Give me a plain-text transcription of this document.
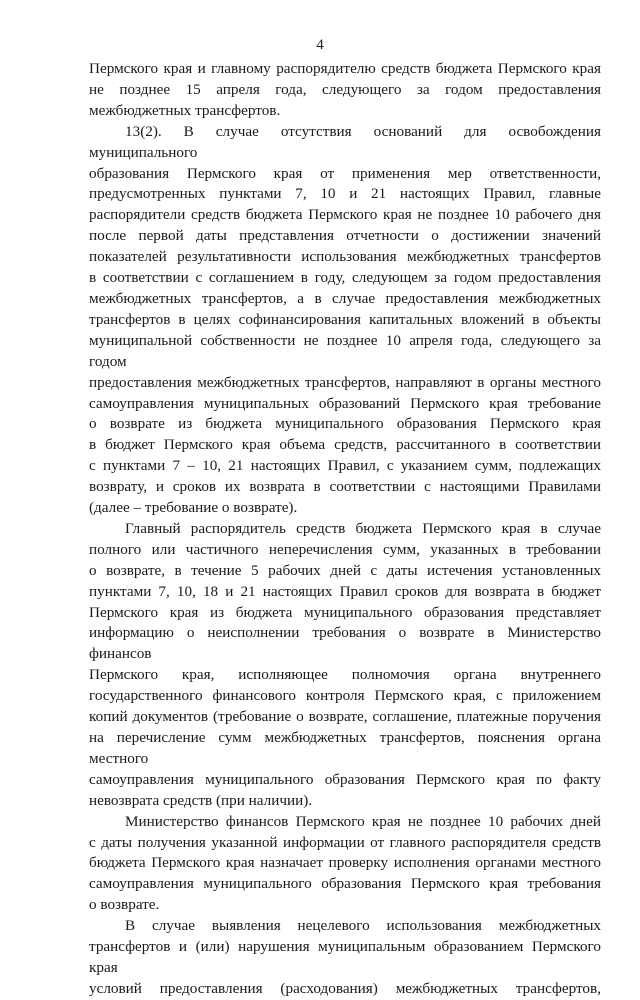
4
Пермского края и главному распорядителю средств бюджета Пермского края
не позднее 15 апреля года, следующего за годом предоставления
межбюджетных трансфертов.
13(2). В случае отсутствия оснований для освобождения муниципального
образования Пермского края от применения мер ответственности,
предусмотренных пунктами 7, 10 и 21 настоящих Правил, главные
распорядители средств бюджета Пермского края не позднее 10 рабочего дня
после первой даты представления отчетности о достижении значений
показателей результативности использования межбюджетных трансфертов
в соответствии с соглашением в году, следующем за годом предоставления
межбюджетных трансфертов, а в случае предоставления межбюджетных
трансфертов в целях софинансирования капитальных вложений в объекты
муниципальной собственности не позднее 10 апреля года, следующего за годом
предоставления межбюджетных трансфертов, направляют в органы местного
самоуправления муниципальных образований Пермского края требование
о возврате из бюджета муниципального образования Пермского края
в бюджет Пермского края объема средств, рассчитанного в соответствии
с пунктами 7 – 10, 21 настоящих Правил, с указанием сумм, подлежащих
возврату, и сроков их возврата в соответствии с настоящими Правилами
(далее – требование о возврате).
Главный распорядитель средств бюджета Пермского края в случае
полного или частичного неперечисления сумм, указанных в требовании
о возврате, в течение 5 рабочих дней с даты истечения установленных
пунктами 7, 10, 18 и 21 настоящих Правил сроков для возврата в бюджет
Пермского края из бюджета муниципального образования представляет
информацию о неисполнении требования о возврате в Министерство финансов
Пермского края, исполняющее полномочия органа внутреннего
государственного финансового контроля Пермского края, с приложением
копий документов (требование о возврате, соглашение, платежные поручения
на перечисление сумм межбюджетных трансфертов, пояснения органа местного
самоуправления муниципального образования Пермского края по факту
невозврата средств (при наличии).
Министерство финансов Пермского края не позднее 10 рабочих дней
с даты получения указанной информации от главного распорядителя средств
бюджета Пермского края назначает проверку исполнения органами местного
самоуправления муниципального образования Пермского края требования
о возврате.
В случае выявления нецелевого использования межбюджетных
трансфертов и (или) нарушения муниципальным образованием Пермского края
условий предоставления (расходования) межбюджетных трансфертов,
